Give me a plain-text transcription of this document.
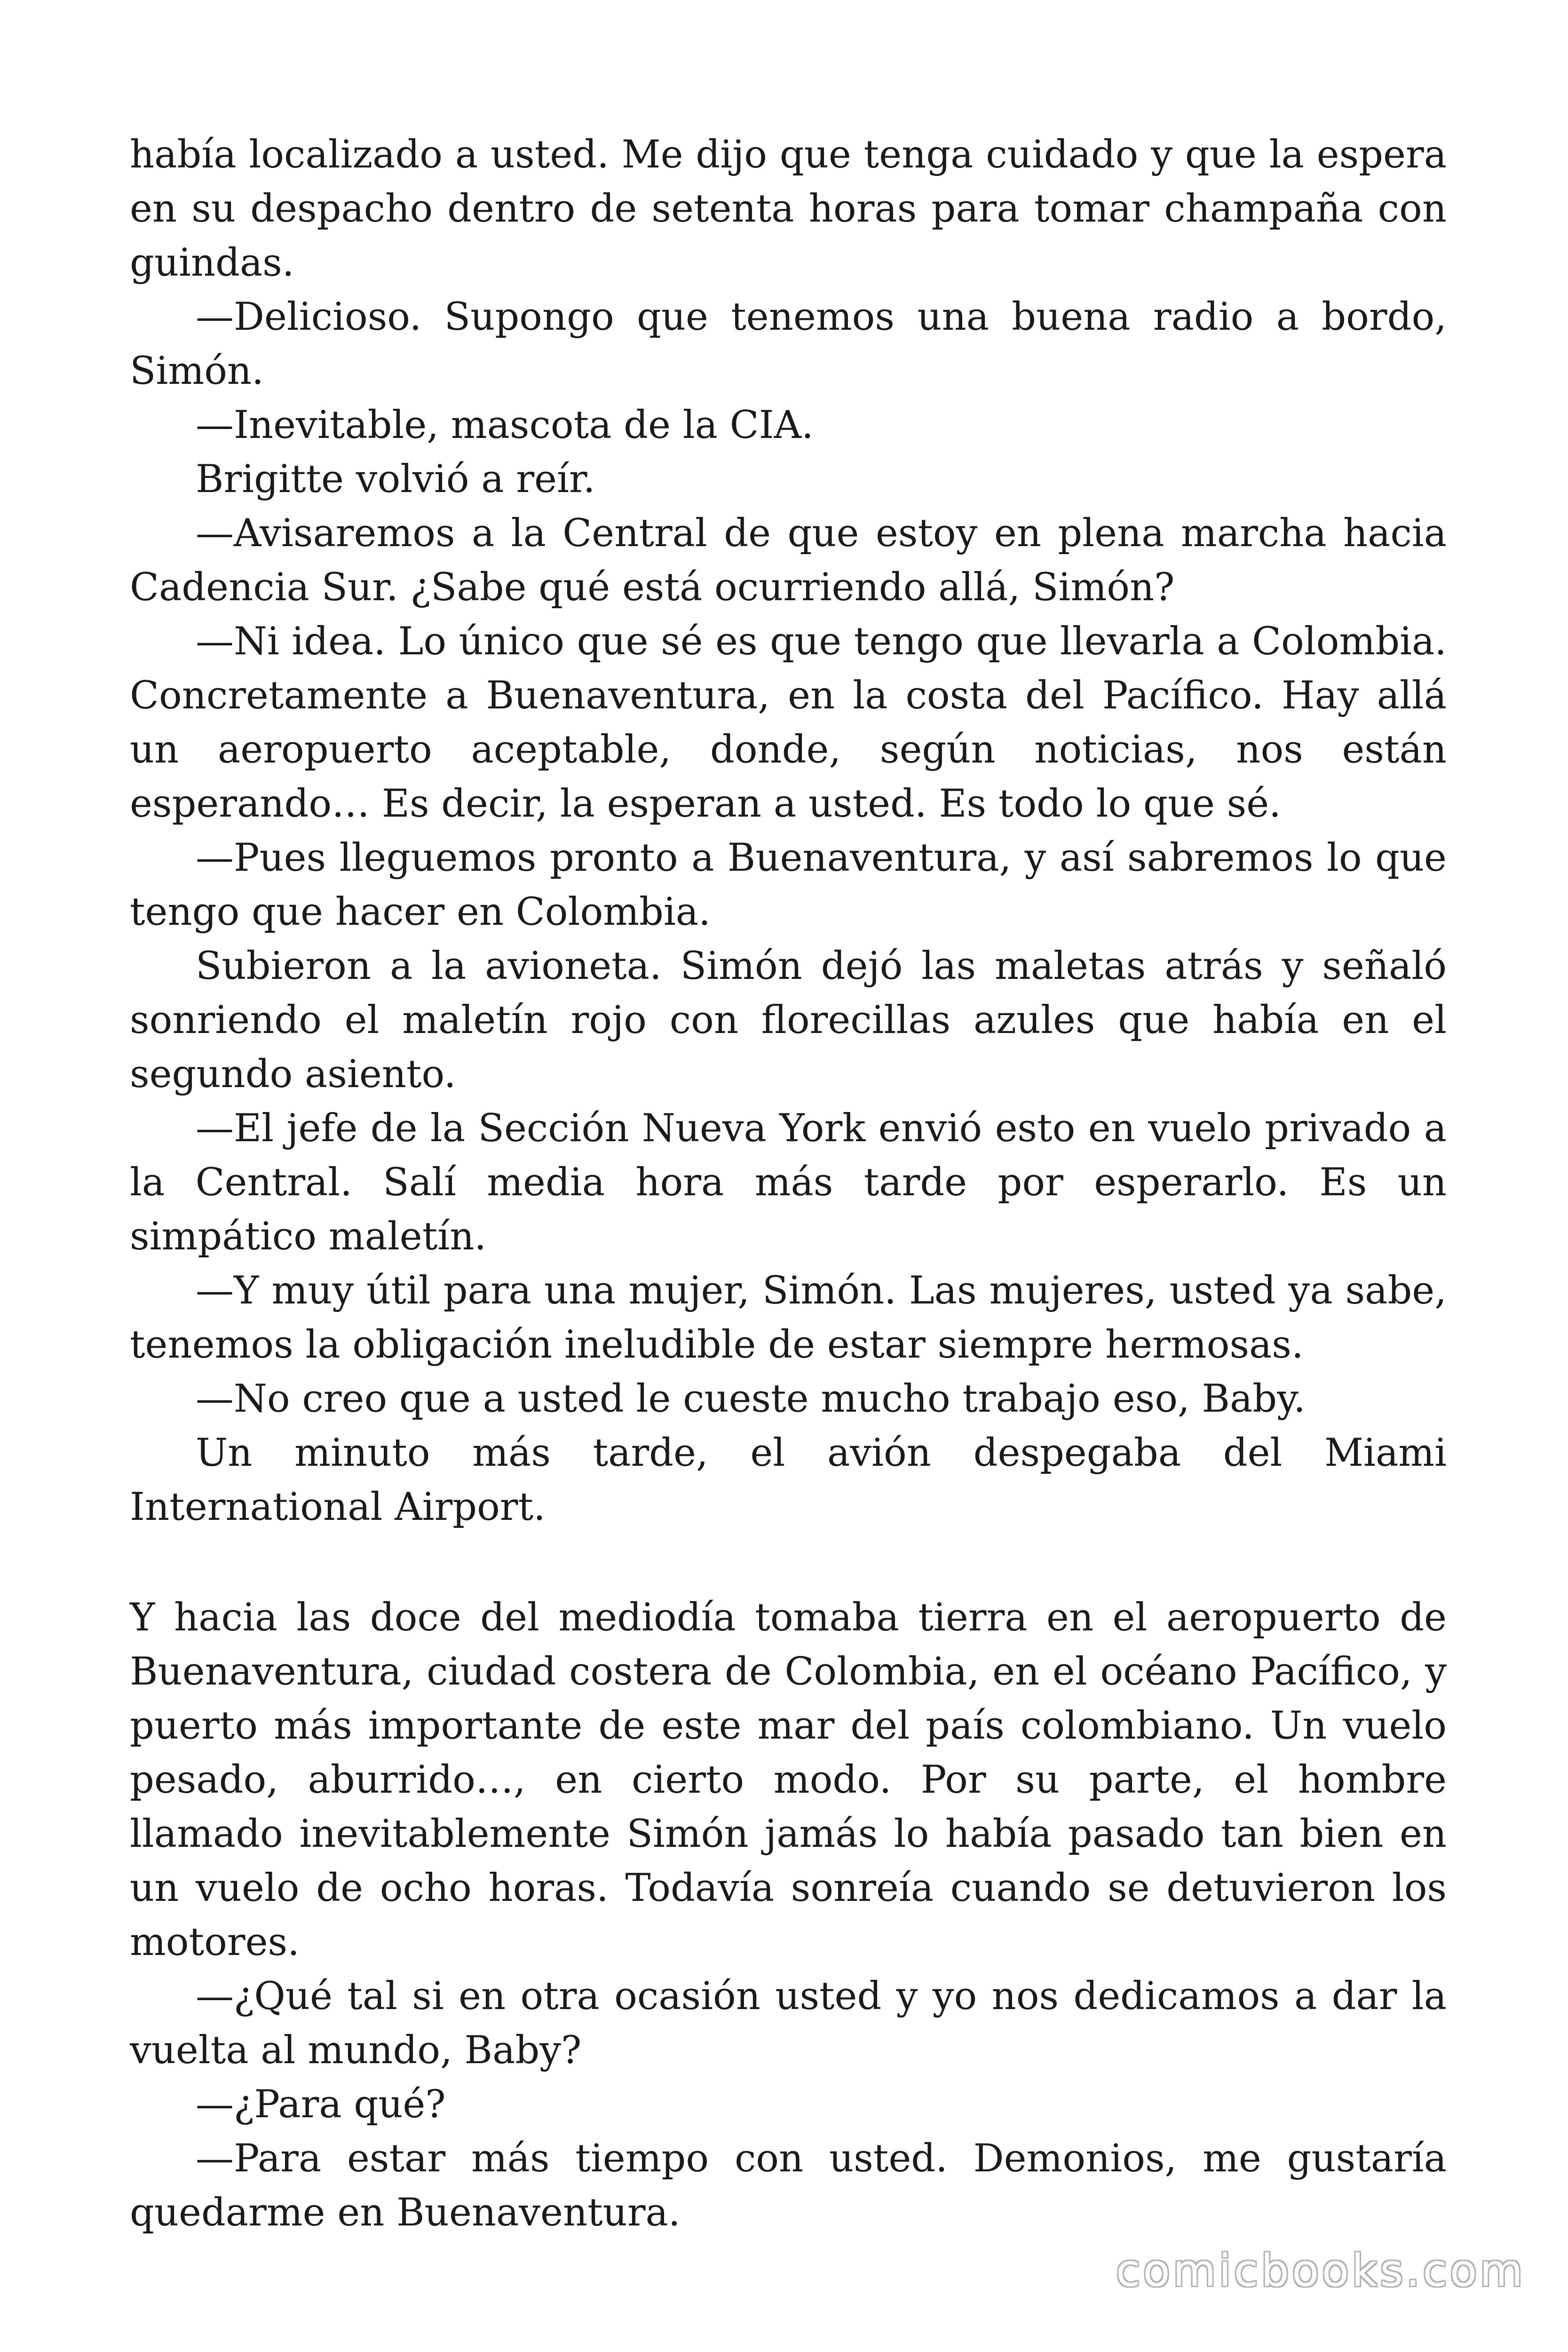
había localizado a usted. Me dijo que tenga cuidado y que la espera en su despacho dentro de setenta horas para tomar champaña con guindas.

—Delicioso. Supongo que tenemos una buena radio a bordo, Simón.

—Inevitable, mascota de la CIA.

Brigitte volvió a reír.

—Avisaremos a la Central de que estoy en plena marcha hacia Cadencia Sur. ¿Sabe qué está ocurriendo allá, Simón?

—Ni idea. Lo único que sé es que tengo que llevarla a Colombia. Concretamente a Buenaventura, en la costa del Pacífico. Hay allá un aeropuerto aceptable, donde, según noticias, nos están esperando… Es decir, la esperan a usted. Es todo lo que sé.

—Pues lleguemos pronto a Buenaventura, y así sabremos lo que tengo que hacer en Colombia.

Subieron a la avioneta. Simón dejó las maletas atrás y señaló sonriendo el maletín rojo con florecillas azules que había en el segundo asiento.

—El jefe de la Sección Nueva York envió esto en vuelo privado a la Central. Salí media hora más tarde por esperarlo. Es un simpático maletín.

—Y muy útil para una mujer, Simón. Las mujeres, usted ya sabe, tenemos la obligación ineludible de estar siempre hermosas.

—No creo que a usted le cueste mucho trabajo eso, Baby.

Un minuto más tarde, el avión despegaba del Miami International Airport.

Y hacia las doce del mediodía tomaba tierra en el aeropuerto de Buenaventura, ciudad costera de Colombia, en el océano Pacífico, y puerto más importante de este mar del país colombiano. Un vuelo pesado, aburrido…, en cierto modo. Por su parte, el hombre llamado inevitablemente Simón jamás lo había pasado tan bien en un vuelo de ocho horas. Todavía sonreía cuando se detuvieron los motores.

—¿Qué tal si en otra ocasión usted y yo nos dedicamos a dar la vuelta al mundo, Baby?

—¿Para qué?

—Para estar más tiempo con usted. Demonios, me gustaría quedarme en Buenaventura.

comicbooks.com
